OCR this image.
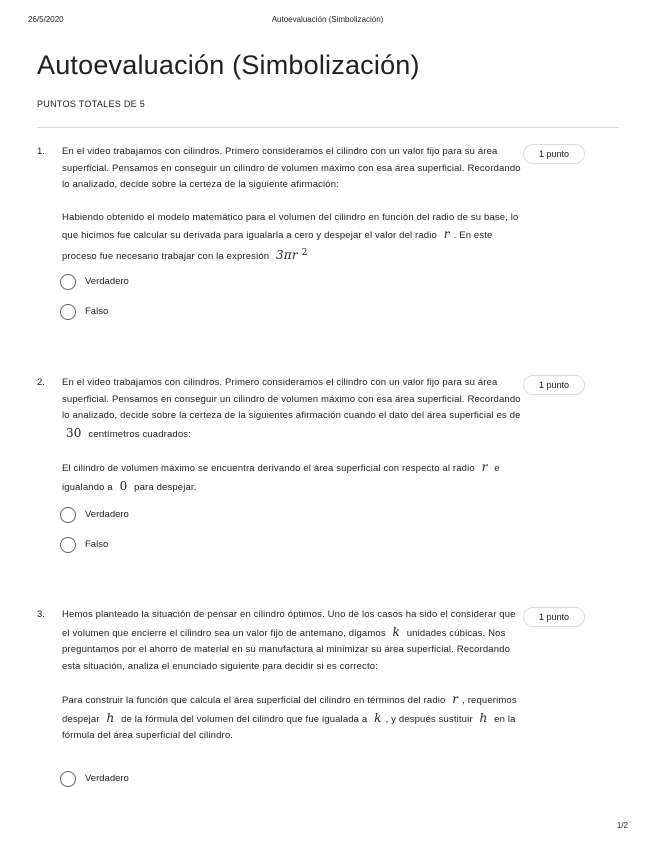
26/5/2020	Autoevaluación (Simbolización)
Autoevaluación (Simbolización)
PUNTOS TOTALES DE 5
1. En el video trabajamos con cilindros. Primero consideramos el cilindro con un valor fijo para su área superficial. Pensamos en conseguir un cilindro de volumen máximo con esa área superficial. Recordando lo analizado, decide sobre la certeza de la siguiente afirmación:

Habiendo obtenido el modelo matemático para el volumen del cilindro en función del radio de su base, lo que hicimos fue calcular su derivada para igualarla a cero y despejar el valor del radio r . En este proceso fue necesario trabajar con la expresión 3πr $^2$

1 punto
Verdadero
Falso
2. En el video trabajamos con cilindros. Primero consideramos el cilindro con un valor fijo para su área superficial. Pensamos en conseguir un cilindro de volumen máximo con esa área superficial. Recordando lo analizado, decide sobre la certeza de la siguientes afirmación cuando el dato del área superficial es de 30 centímetros cuadrados:

El cilindro de volumen máximo se encuentra derivando el área superficial con respecto al radio r e igualando a 0 para despejar.

1 punto
Verdadero
Falso
3. Hemos planteado la situación de pensar en cilindro óptimos. Uno de los casos ha sido el considerar que el volumen que encierre el cilindro sea un valor fijo de antemano, digamos k unidades cúbicas. Nos preguntamos por el ahorro de material en su manufactura al minimizar su área superficial. Recordando esta situación, analiza el enunciado siguiente para decidir si es correcto:

Para construir la función que calcula el área superficial del cilindro en términos del radio r , requerimos despejar h de la fórmula del volumen del cilindro que fue igualada a k , y después sustituir h en la fórmula del área superficial del cilindro.

1 punto
Verdadero
1/2
